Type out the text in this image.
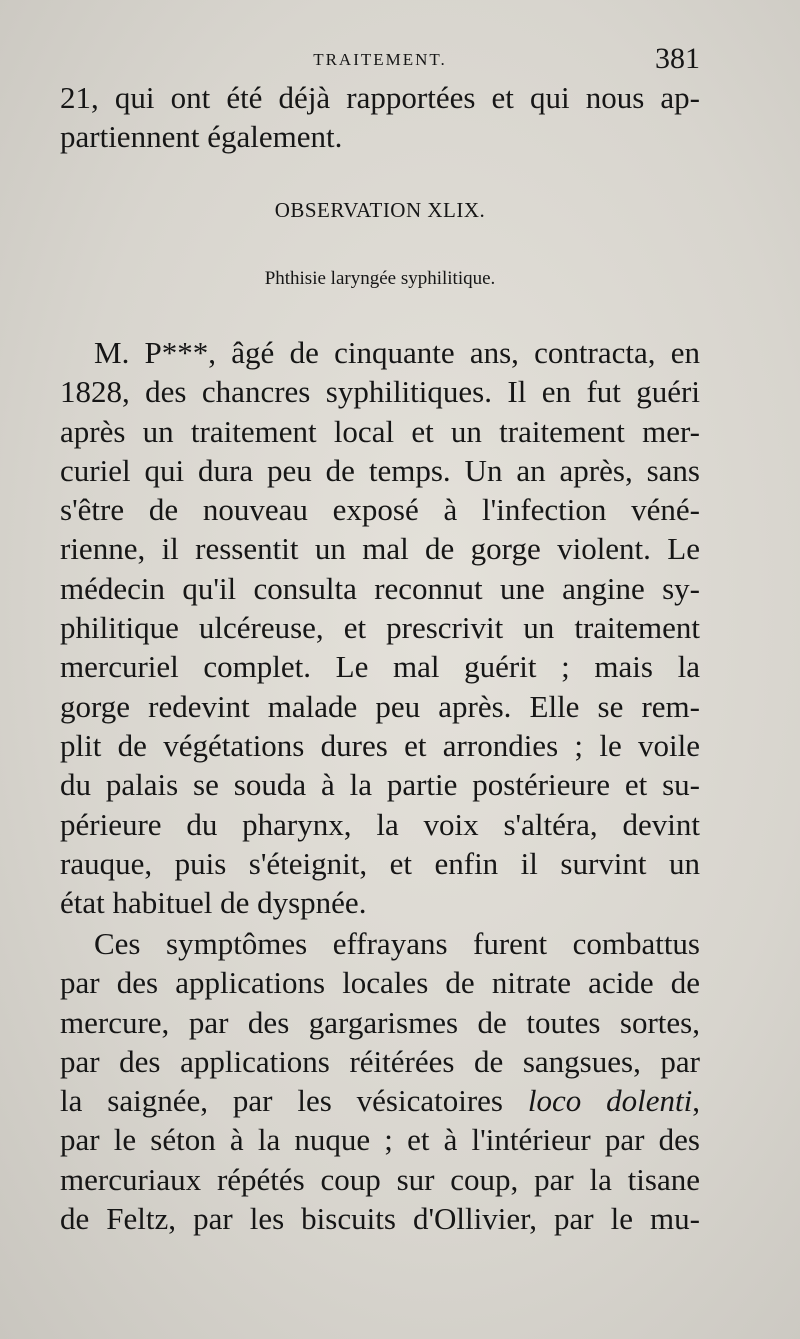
TRAITEMENT.	381
21, qui ont été déjà rapportées et qui nous ap-
partiennent également.
OBSERVATION XLIX.
Phthisie laryngée syphilitique.
M. P***, âgé de cinquante ans, contracta, en
1828, des chancres syphilitiques. Il en fut guéri
après un traitement local et un traitement mer-
curiel qui dura peu de temps. Un an après, sans
s'être de nouveau exposé à l'infection véné-
rienne, il ressentit un mal de gorge violent. Le
médecin qu'il consulta reconnut une angine sy-
philitique ulcéreuse, et prescrivit un traitement
mercuriel complet. Le mal guérit ; mais la
gorge redevint malade peu après. Elle se rem-
plit de végétations dures et arrondies ; le voile
du palais se souda à la partie postérieure et su-
périeure du pharynx, la voix s'altéra, devint
rauque, puis s'éteignit, et enfin il survint un
état habituel de dyspnée.
Ces symptômes effrayans furent combattus
par des applications locales de nitrate acide de
mercure, par des gargarismes de toutes sortes,
par des applications réitérées de sangsues, par
la saignée, par les vésicatoires loco dolenti,
par le séton à la nuque ; et à l'intérieur par des
mercuriaux répétés coup sur coup, par la tisane
de Feltz, par les biscuits d'Ollivier, par le mu-
